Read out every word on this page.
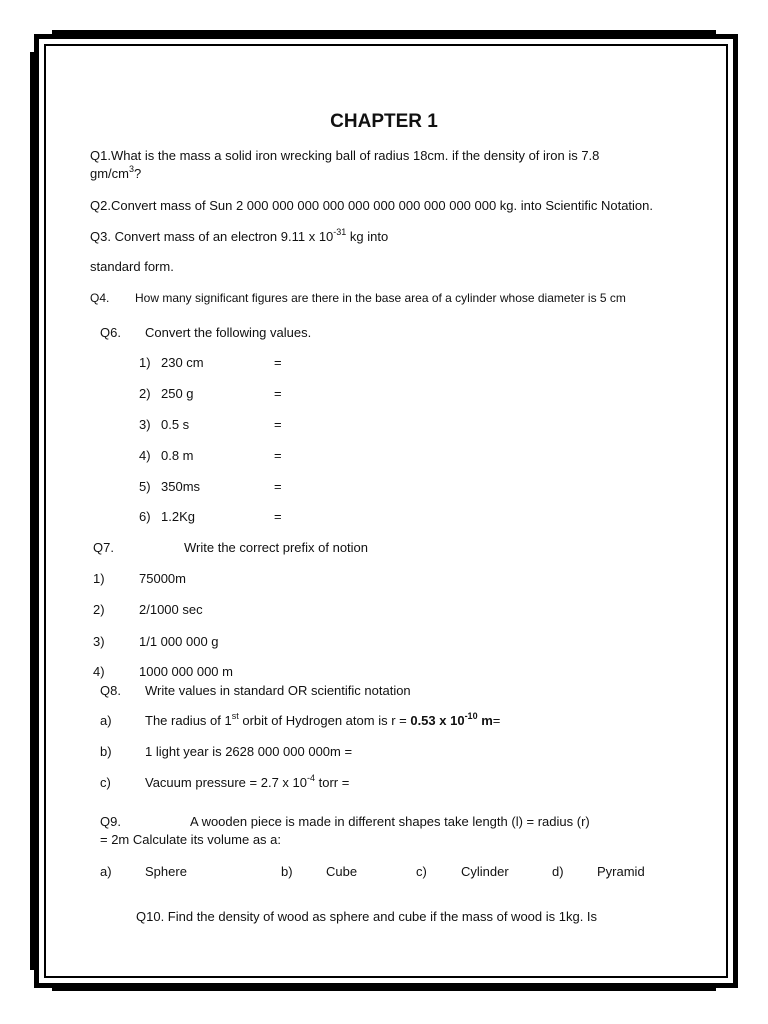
CHAPTER 1
Q1.What is the mass a solid iron wrecking ball of radius 18cm. if the density of iron is 7.8
$gm/cm^3$?
Q2.Convert mass of Sun 2 000 000 000 000 000 000 000 000 000 000 kg. into Scientific Notation.
Q3. Convert mass of an electron 9.11 x $10^{-31}$ kg into
standard form.
Q4. How many significant figures are there in the base area of a cylinder whose diameter is 5 cm
Q6. Convert the following values.
1) 230 cm	=
2) 250 g	=
3) 0.5 s	=
4) 0.8 m	=
5) 350ms	=
6) 1.2Kg	=
Q7.	Write the correct prefix of notion
1)	75000m
2)	2/1000 sec
3)	1/1 000 000 g
4)	1000 000 000 m
Q8. Write values in standard OR scientific notation
a)	The radius of 1st orbit of Hydrogen atom is r = 0.53 x $10^{-10}$ m=
b)	1 light year is 2628 000 000 000m =
c)	Vacuum pressure = 2.7 x $10^{-4}$ torr =
Q9.	A wooden piece is made in different shapes take length (l) = radius (r)
= 2m Calculate its volume as a:
a)	Sphere	b)	Cube	c)	Cylinder	d)	Pyramid
Q10. Find the density of wood as sphere and cube if the mass of wood is 1kg. Is
